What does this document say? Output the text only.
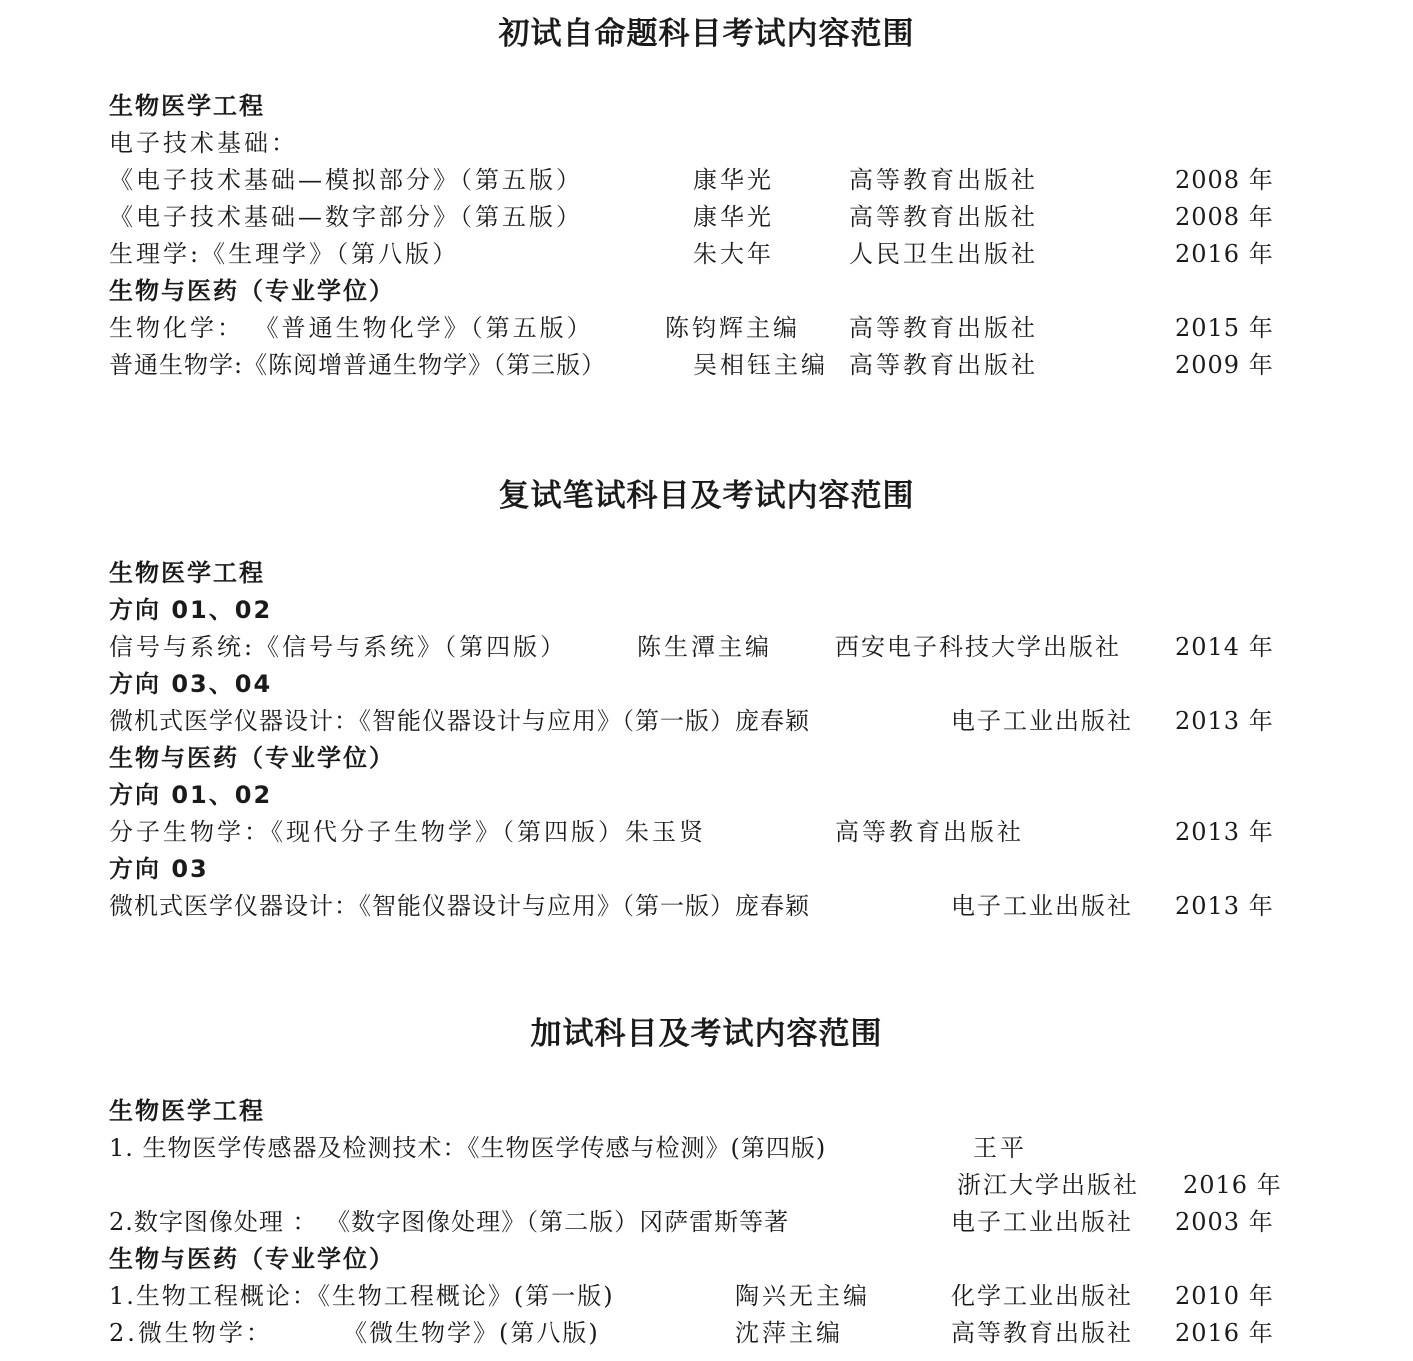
初试自命题科目考试内容范围
生物医学工程
电子技术基础：
《电子技术基础—模拟部分》（第五版）	康华光	高等教育出版社	2008 年
《电子技术基础—数字部分》（第五版）	康华光	高等教育出版社	2008 年
生理学:《生理学》（第八版）	朱大年	人民卫生出版社	2016 年
生物与医药（专业学位）
生物化学： 《普通生物化学》（第五版）	陈钧辉主编 高等教育出版社	2015 年
普通生物学:《陈阅增普通生物学》（第三版）	吴相钰主编 高等教育出版社	2009 年
复试笔试科目及考试内容范围
生物医学工程
方向 01、02
信号与系统:《信号与系统》（第四版）	陈生潭主编	西安电子科技大学出版社 2014 年
方向 03、04
微机式医学仪器设计：《智能仪器设计与应用》（第一版）庞春颖	电子工业出版社 2013 年
生物与医药（专业学位）
方向 01、02
分子生物学：《现代分子生物学》（第四版）朱玉贤	高等教育出版社	2013 年
方向 03
微机式医学仪器设计：《智能仪器设计与应用》（第一版）庞春颖	电子工业出版社 2013 年
加试科目及考试内容范围
生物医学工程
1. 生物医学传感器及检测技术：《生物医学传感与检测》(第四版)	王平
浙江大学出版社 2016 年
2.数字图像处理 ： 《数字图像处理》（第二版）冈萨雷斯等著	电子工业出版社 2003 年
生物与医药（专业学位）
1.生物工程概论：《生物工程概论》(第一版)	陶兴无主编	化学工业出版社 2010 年
2.微生物学：	《微生物学》(第八版)	沈萍主编	高等教育出版社 2016 年
